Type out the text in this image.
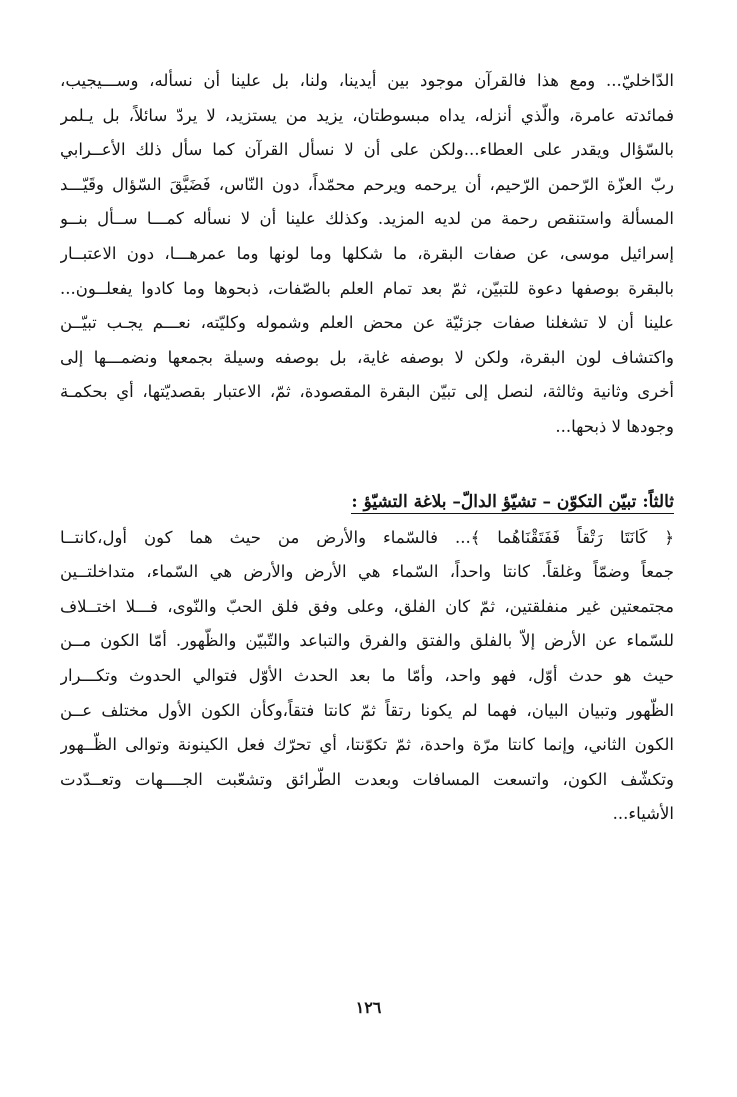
الدّاخليّ... ومع هذا فالقرآن موجود بين أيدينا، ولنا، بل علينا أن نسأله، وســـيجيب،
فمائدته عامرة، والّذي أنزله، يداه مبسوطتان، يزيد من يستزيد، لا يردّ سائلاً، بل يـلمر
بالسّؤال ويقدر على العطاء...ولكن على أن لا نسأل القرآن كما سأل ذلك الأعــرابي
ربّ العزّة الرّحمن الرّحيم، أن يرحمه ويرحم محمّداً، دون النّاس، فَضَيَّقَ السّؤال وقَيّـــد
المسألة واستنقص رحمة من لديه المزيد. وكذلك علينا أن لا نسأله كمـــا ســأل بنــو
إسرائيل موسى، عن صفات البقرة، ما شكلها وما لونها وما عمرهـــا، دون الاعتبــار
بالبقرة بوصفها دعوة للتبيّن، ثمّ بعد تمام العلم بالصّفات، ذبحوها وما كادوا يفعلــون...
علينا أن لا تشغلنا صفات جزئيّة عن محض العلم وشموله وكليّته، نعـــم يجـب تبيّــن
واكتشاف لون البقرة، ولكن لا بوصفه غاية، بل بوصفه وسيلة بجمعها ونضمـــها إلى
أخرى وثانية وثالثة، لنصل إلى تبيّن البقرة المقصودة، ثمّ، الاعتبار بقصديّتها، أي بحكمـة
وجودها لا ذبحها...
ثالثاً: تبيّن التكوّن – تشيّؤ الدالّ– بلاغة التشيّؤ :
﴿ كَانَتَا رَتْقاً فَفَتَقْنَاهُما ﴾... فالسّماء والأرض من حيث هما كون أول،كانتــا
جمعاً وضمّاً وغلقاً. كانتا واحداً، السّماء هي الأرض والأرض هي السّماء، متداخلتــين
مجتمعتين غير منفلقتين، ثمّ كان الفلق، وعلى وفق فلق الحبّ والنّوى، فـــلا اختــلاف
للسّماء عن الأرض إلاّ بالفلق والفتق والفرق والتباعد والتّبيّن والظّهور. أمّا الكون مــن
حيث هو حدث أوّل، فهو واحد، وأمّا ما بعد الحدث الأوّل فتوالي الحدوث وتكـــرار
الظّهور وتبيان البيان، فهما لم يكونا رتقاً ثمّ كانتا فتقاً،وكأن الكون الأول مختلف عــن
الكون الثاني، وإنما كانتا مرّة واحدة، ثمّ تكوّنتا، أي تحرّك فعل الكينونة وتوالى الظّــهور
وتكشّف الكون، واتسعت المسافات وبعدت الطّرائق وتشعّبت الجــــهات وتعــدّدت
الأشياء...
١٢٦
